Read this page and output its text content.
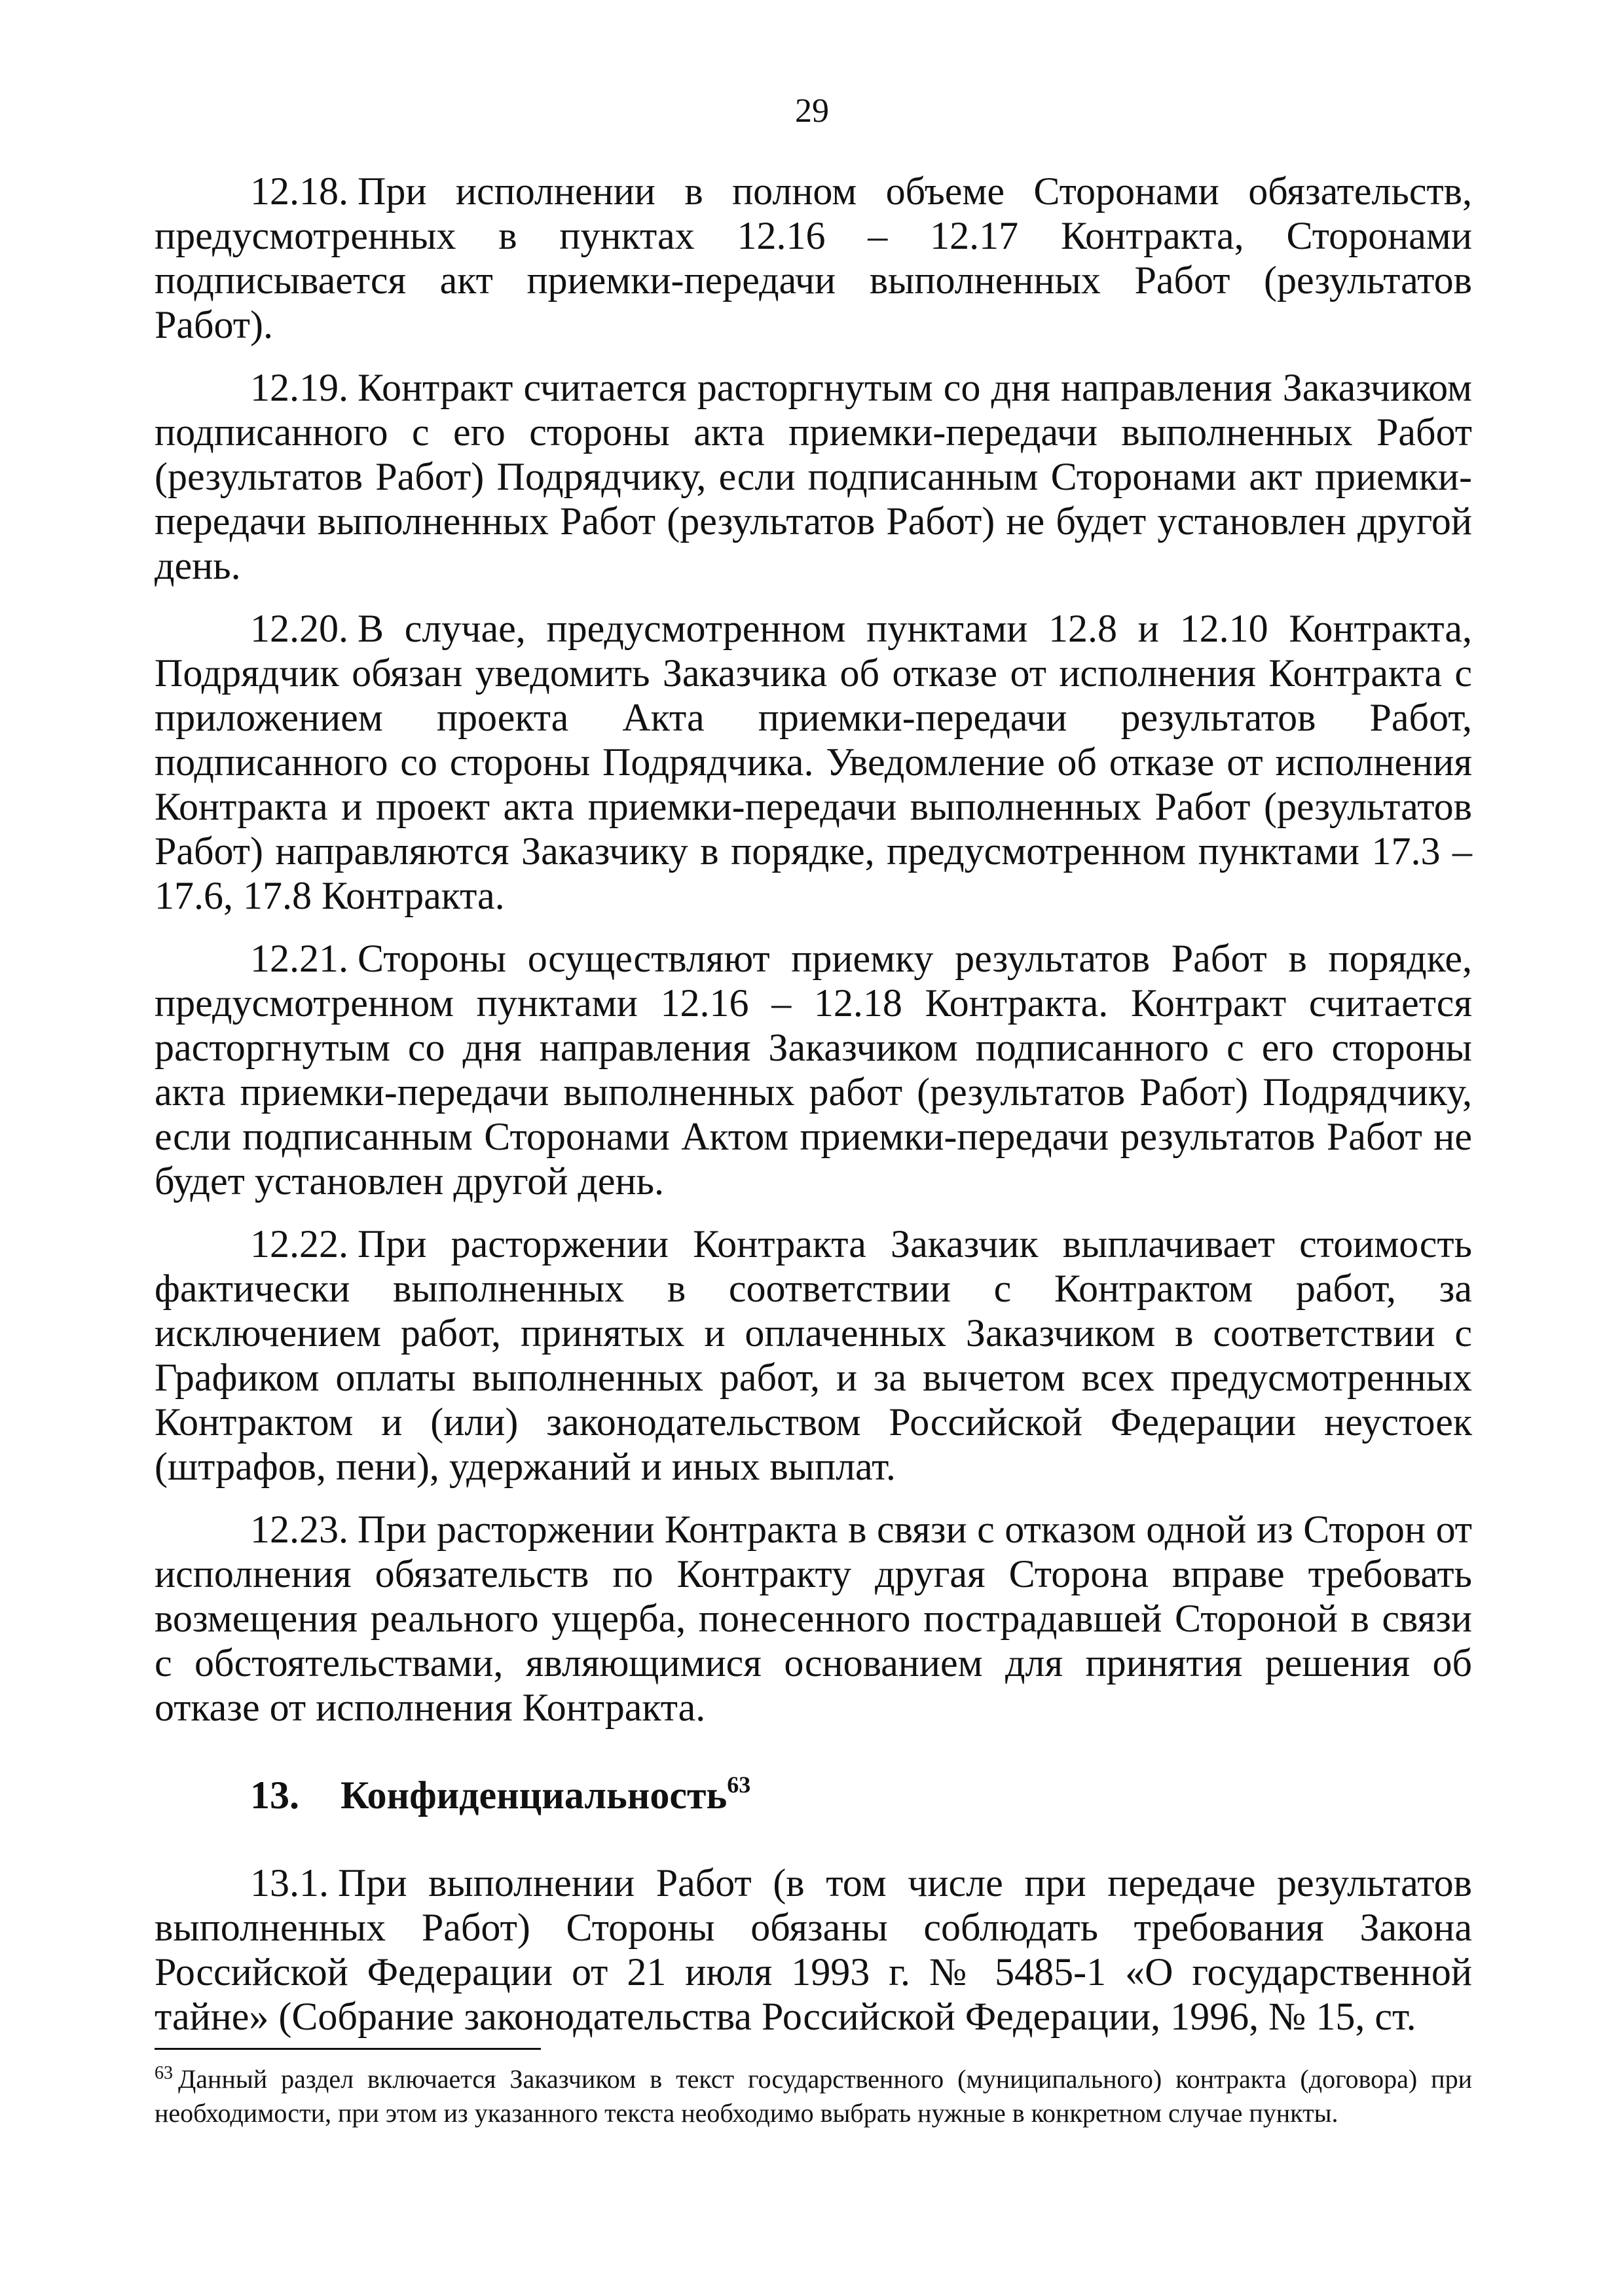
29

12.18. При исполнении в полном объеме Сторонами обязательств, предусмотренных в пунктах 12.16 – 12.17 Контракта, Сторонами подписывается акт приемки-передачи выполненных Работ (результатов Работ).

12.19. Контракт считается расторгнутым со дня направления Заказчиком подписанного с его стороны акта приемки-передачи выполненных Работ (результатов Работ) Подрядчику, если подписанным Сторонами акт приемки-передачи выполненных Работ (результатов Работ) не будет установлен другой день.

12.20. В случае, предусмотренном пунктами 12.8 и 12.10 Контракта, Подрядчик обязан уведомить Заказчика об отказе от исполнения Контракта с приложением проекта Акта приемки-передачи результатов Работ, подписанного со стороны Подрядчика. Уведомление об отказе от исполнения Контракта и проект акта приемки-передачи выполненных Работ (результатов Работ) направляются Заказчику в порядке, предусмотренном пунктами 17.3 – 17.6, 17.8 Контракта.

12.21. Стороны осуществляют приемку результатов Работ в порядке, предусмотренном пунктами 12.16 – 12.18 Контракта. Контракт считается расторгнутым со дня направления Заказчиком подписанного с его стороны акта приемки-передачи выполненных работ (результатов Работ) Подрядчику, если подписанным Сторонами Актом приемки-передачи результатов Работ не будет установлен другой день.

12.22. При расторжении Контракта Заказчик выплачивает стоимость фактически выполненных в соответствии с Контрактом работ, за исключением работ, принятых и оплаченных Заказчиком в соответствии с Графиком оплаты выполненных работ, и за вычетом всех предусмотренных Контрактом и (или) законодательством Российской Федерации неустоек (штрафов, пени), удержаний и иных выплат.

12.23. При расторжении Контракта в связи с отказом одной из Сторон от исполнения обязательств по Контракту другая Сторона вправе требовать возмещения реального ущерба, понесенного пострадавшей Стороной в связи с обстоятельствами, являющимися основанием для принятия решения об отказе от исполнения Контракта.

13. Конфиденциальность$^{63}$

13.1. При выполнении Работ (в том числе при передаче результатов выполненных Работ) Стороны обязаны соблюдать требования Закона Российской Федерации от 21 июля 1993 г. № 5485-1 «О государственной тайне» (Собрание законодательства Российской Федерации, 1996, № 15, ст.

$^{63}$ Данный раздел включается Заказчиком в текст государственного (муниципального) контракта (договора) при необходимости, при этом из указанного текста необходимо выбрать нужные в конкретном случае пункты.
